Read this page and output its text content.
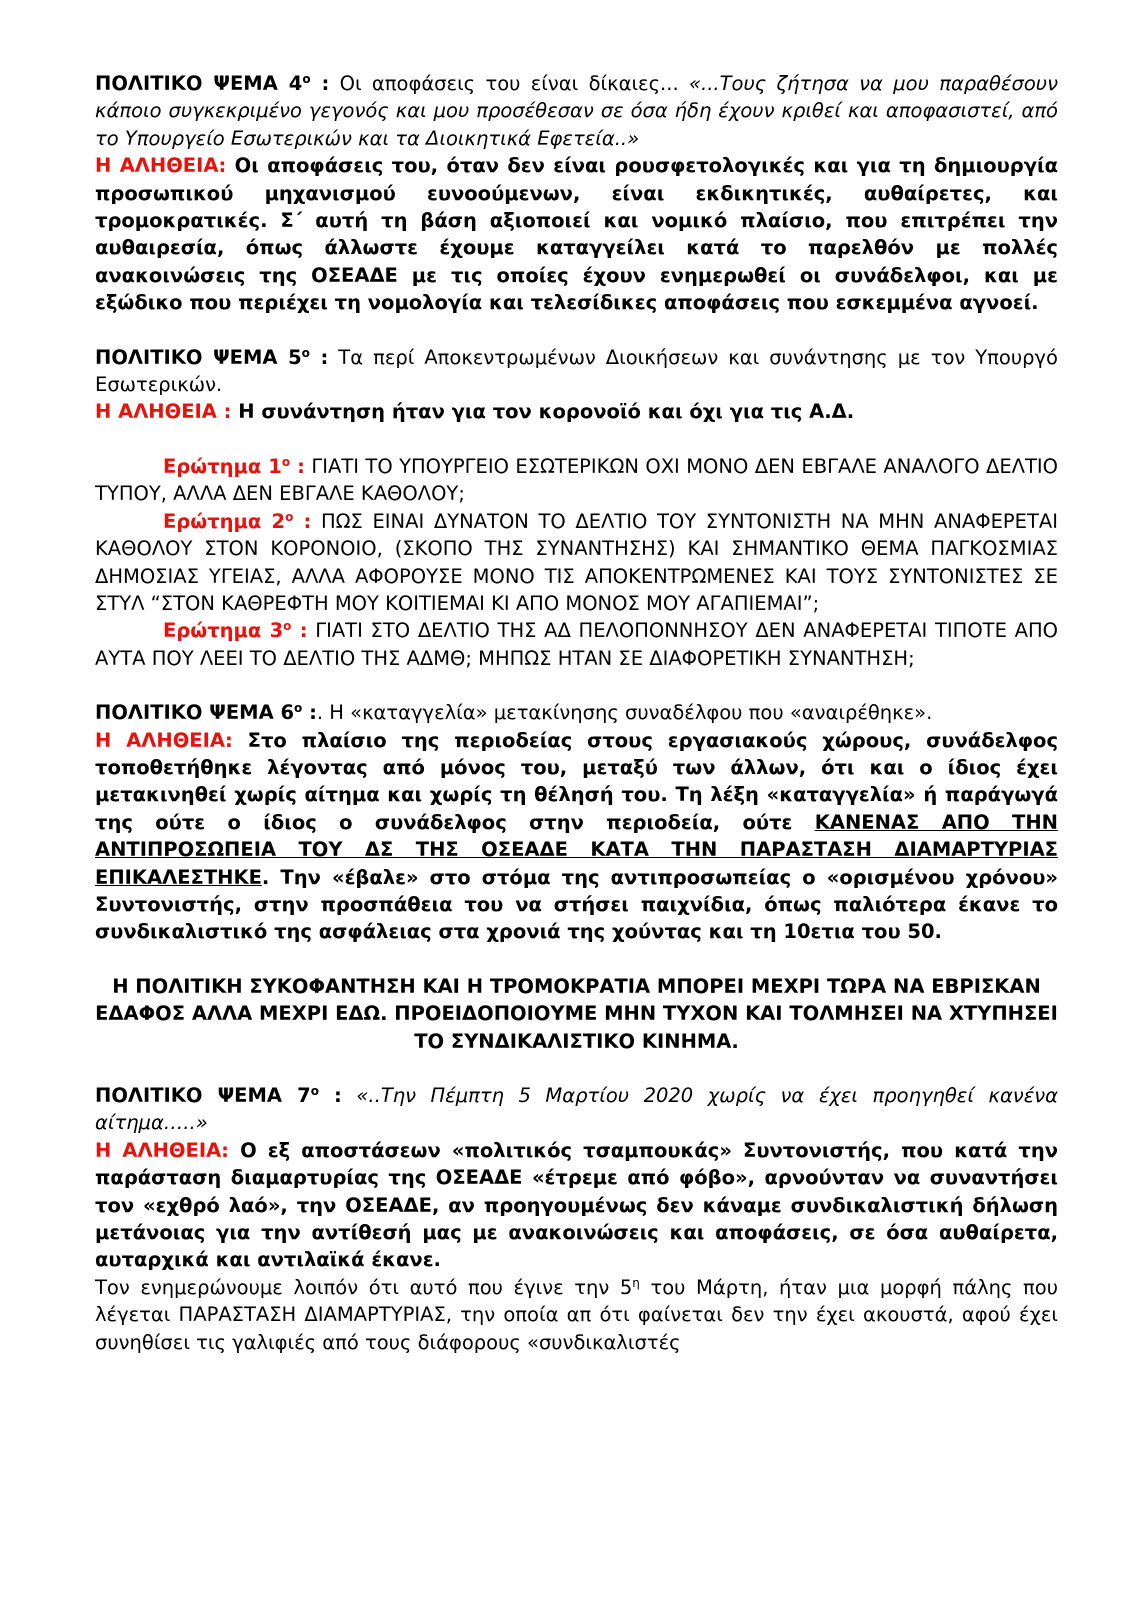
ΠΟΛΙΤΙΚΟ ΨΕΜΑ $4^o$ : Οι αποφάσεις του είναι δίκαιες... «...Τους ζήτησα να μου παραθέσουν κάποιο συγκεκριμένο γεγονός και μου προσέθεσαν σε όσα ήδη έχουν κριθεί και αποφασιστεί, από το Υπουργείο Εσωτερικών και τα Διοικητικά Εφετεία..»

Η ΑΛΗΘΕΙΑ: Οι αποφάσεις του, όταν δεν είναι ρουσφετολογικές και για τη δημιουργία προσωπικού μηχανισμού ευνοούμενων, είναι εκδικητικές, αυθαίρετες, και τρομοκρατικές. Σ΄ αυτή τη βάση αξιοποιεί και νομικό πλαίσιο, που επιτρέπει την αυθαιρεσία, όπως άλλωστε έχουμε καταγγείλει κατά το παρελθόν με πολλές ανακοινώσεις της ΟΣΕΑΔΕ με τις οποίες έχουν ενημερωθεί οι συνάδελφοι, και με εξώδικο που περιέχει τη νομολογία και τελεσίδικες αποφάσεις που εσκεμμένα αγνοεί.

ΠΟΛΙΤΙΚΟ ΨΕΜΑ $5^o$ : Τα περί Αποκεντρωμένων Διοικήσεων και συνάντησης με τον Υπουργό Εσωτερικών.

Η ΑΛΗΘΕΙΑ : Η συνάντηση ήταν για τον κορονοϊό και όχι για τις Α.Δ.

Ερώτημα $1^o$ : ΓΙΑΤΙ ΤΟ ΥΠΟΥΡΓΕΙΟ ΕΣΩΤΕΡΙΚΩΝ ΟΧΙ ΜΟΝΟ ΔΕΝ ΕΒΓΑΛΕ ΑΝΑΛΟΓΟ ΔΕΛΤΙΟ ΤΥΠΟΥ, ΑΛΛΑ ΔΕΝ ΕΒΓΑΛΕ ΚΑΘΟΛΟΥ;

Ερώτημα $2^o$ : ΠΩΣ ΕΙΝΑΙ ΔΥΝΑΤΟΝ ΤΟ ΔΕΛΤΙΟ ΤΟΥ ΣΥΝΤΟΝΙΣΤΗ ΝΑ ΜΗΝ ΑΝΑΦΕΡΕΤΑΙ ΚΑΘΟΛΟΥ ΣΤΟΝ ΚΟΡΟΝΟΙΟ, (ΣΚΟΠΟ ΤΗΣ ΣΥΝΑΝΤΗΣΗΣ) ΚΑΙ ΣΗΜΑΝΤΙΚΟ ΘΕΜΑ ΠΑΓΚΟΣΜΙΑΣ ΔΗΜΟΣΙΑΣ ΥΓΕΙΑΣ, ΑΛΛΑ ΑΦΟΡΟΥΣΕ ΜΟΝΟ ΤΙΣ ΑΠΟΚΕΝΤΡΩΜΕΝΕΣ ΚΑΙ ΤΟΥΣ ΣΥΝΤΟΝΙΣΤΕΣ ΣΕ ΣΤΥΛ “ΣΤΟΝ ΚΑΘΡΕΦΤΗ ΜΟΥ ΚΟΙΤΙΕΜΑΙ ΚΙ ΑΠΟ ΜΟΝΟΣ ΜΟΥ ΑΓΑΠΙΕΜΑΙ”;

Ερώτημα $3^o$ : ΓΙΑΤΙ ΣΤΟ ΔΕΛΤΙΟ ΤΗΣ ΑΔ ΠΕΛΟΠΟΝΝΗΣΟΥ ΔΕΝ ΑΝΑΦΕΡΕΤΑΙ ΤΙΠΟΤΕ ΑΠΟ ΑΥΤΑ ΠΟΥ ΛΕΕΙ ΤΟ ΔΕΛΤΙΟ ΤΗΣ ΑΔΜΘ; ΜΗΠΩΣ ΗΤΑΝ ΣΕ ΔΙΑΦΟΡΕΤΙΚΗ ΣΥΝΑΝΤΗΣΗ;

ΠΟΛΙΤΙΚΟ ΨΕΜΑ $6^o$ :. Η «καταγγελία» μετακίνησης συναδέλφου που «αναιρέθηκε».

Η ΑΛΗΘΕΙΑ: Στο πλαίσιο της περιοδείας στους εργασιακούς χώρους, συνάδελφος τοποθετήθηκε λέγοντας από μόνος του, μεταξύ των άλλων, ότι και ο ίδιος έχει μετακινηθεί χωρίς αίτημα και χωρίς τη θέλησή του. Τη λέξη «καταγγελία» ή παράγωγά της ούτε ο ίδιος ο συνάδελφος στην περιοδεία, ούτε ΚΑΝΕΝΑΣ ΑΠΟ ΤΗΝ ΑΝΤΙΠΡΟΣΩΠΕΙΑ ΤΟΥ ΔΣ ΤΗΣ ΟΣΕΑΔΕ ΚΑΤΑ ΤΗΝ ΠΑΡΑΣΤΑΣΗ ΔΙΑΜΑΡΤΥΡΙΑΣ ΕΠΙΚΑΛΕΣΤΗΚΕ. Την «έβαλε» στο στόμα της αντιπροσωπείας ο «ορισμένου χρόνου» Συντονιστής, στην προσπάθεια του να στήσει παιχνίδια, όπως παλιότερα έκανε το συνδικαλιστικό της ασφάλειας στα χρονιά της χούντας και τη 10ετια του 50.

Η ΠΟΛΙΤΙΚΗ ΣΥΚΟΦΑΝΤΗΣΗ ΚΑΙ Η ΤΡΟΜΟΚΡΑΤΙΑ ΜΠΟΡΕΙ ΜΕΧΡΙ ΤΩΡΑ ΝΑ ΕΒΡΙΣΚΑΝ ΕΔΑΦΟΣ ΑΛΛΑ ΜΕΧΡΙ ΕΔΩ. ΠΡΟΕΙΔΟΠΟΙΟΥΜΕ ΜΗΝ ΤΥΧΟΝ ΚΑΙ ΤΟΛΜΗΣΕΙ ΝΑ ΧΤΥΠΗΣΕΙ ΤΟ ΣΥΝΔΙΚΑΛΙΣΤΙΚΟ ΚΙΝΗΜΑ.

ΠΟΛΙΤΙΚΟ ΨΕΜΑ $7^o$ : «..Την Πέμπτη 5 Μαρτίου 2020 χωρίς να έχει προηγηθεί κανένα αίτημα…..»

Η ΑΛΗΘΕΙΑ: Ο εξ αποστάσεων «πολιτικός τσαμπουκάς» Συντονιστής, που κατά την παράσταση διαμαρτυρίας της ΟΣΕΑΔΕ «έτρεμε από φόβο», αρνούνταν να συναντήσει τον «εχθρό λαό», την ΟΣΕΑΔΕ, αν προηγουμένως δεν κάναμε συνδικαλιστική δήλωση μετάνοιας για την αντίθεσή μας με ανακοινώσεις και αποφάσεις, σε όσα αυθαίρετα, αυταρχικά και αντιλαϊκά έκανε.

Τον ενημερώνουμε λοιπόν ότι αυτό που έγινε την $5^\eta$ του Μάρτη, ήταν μια μορφή πάλης που λέγεται ΠΑΡΑΣΤΑΣΗ ΔΙΑΜΑΡΤΥΡΙΑΣ, την οποία απ ότι φαίνεται δεν την έχει ακουστά, αφού έχει συνηθίσει τις γαλιφιές από τους διάφορους «συνδικαλιστές
